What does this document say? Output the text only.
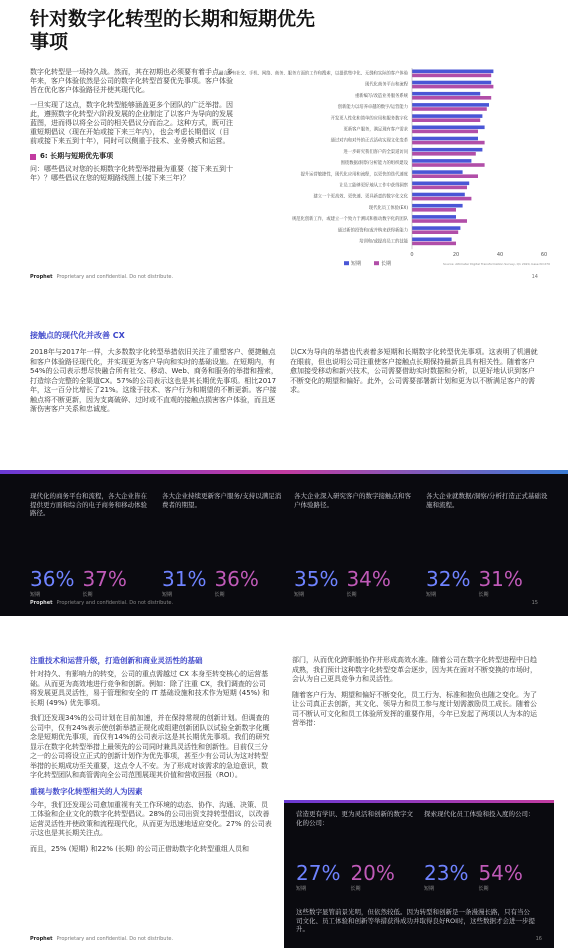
针对数字化转型的长期和短期优先事项

数字化转型是一场持久战。然而，其在初期也必须要有着手点。多年来，客户体验依然是公司的数字化转型首要优先事项。客户体验旨在优化客户体验路径并使其现代化。

一旦实现了这点，数字化转型能够涵盖更多个团队的广泛举措。因此，遵照数字化转型六阶段发展的企业制定了以客户为导向的发展蓝图，进而得以将全公司的相关倡议分而治之。这种方式，既可注重短期倡议（现在开始或接下来三年内），也会考虑长期倡议（目前或接下来五到十年），同时可以侧重于技术、业务模式和运营。

6: 长期与短期优先事项

问：哪些倡议对您的长期数字化转型举措最为重要（接下来五到十年）？哪些倡议在您的短期路线图上(接下来三年)？

融合所有社交、手机、网络、商务、服务方面的工作和搜索，以提供集中化、无缝和实际的客户体验
现代化商务平台和流程
重新编写/改造业务服务系统
创新能力以培养卓越的数字/运营能力
开发更人性化和简单的应用和服务数字化
更新客户服务，满足现有客户需求
通过对内和对外的正式活动实现文化变革
进一步研究我们客户的全渠道访问
围绕数据/洞察/分析能力的组织建设
提升运营敏捷性，现代化应用和流程，以更快的迭代速度
让员工能够更好地从工作中获得洞察
建立一个更高效、更快速、更具新意的数字化文化
现代化员工体验(EX)
规范化创新工作，或建立一个致力于测试和推动数字化的团队
通过新的投资和/或并购来获得新能力
培训和/或提高员工的技能
0	20	40	60
短期	长期	Source: Altimeter Digital Transformation Survey, Q1 2020, base N=270
Prophet Proprietary and confidential. Do not distribute.	14
接触点的现代化并改善 CX
2018年与2017年一样，大多数数字化转型举措依旧关注了重塑客户、便捷触点和客户体验路径现代化，并实现更为客户导向和实时的基础设施。在短期内，有54%的公司表示想尽快融合所有社交、移动、Web、商务和服务的举措和搜索，打造综合完整的全渠道CX。57%的公司表示这也是其长期优先事项。相比2017年，这一百分比增长了21%。这缘于技术、客户行为和期望的不断更新。客户接触点将不断更新，因为支离破碎、过时或不直观的接触点损害客户体验，而且逐渐伤害客户关系和忠诚度。
以CX为导向的举措也代表着多短期和长期数字化转型优先事项。这表明了机遇就在眼前，但也说明公司注重使客户接触点长期保持最新且具有相关性。随着客户愈加接受移动和新兴技术，公司需要借助实时数据和分析，以更好地认识到客户不断变化的期望和偏好。此外，公司需要部署新计划和更为以不断满足客户的需求。
现代化的商务平台和流程，各大企业皆在提供更方面和综合的电子商务和移动体验路径。
36%
短期
37%
长期
各大企业持续更新客户服务/支持以满足消费者的期望。
31%
短期
36%
长期
各大企业深入研究客户的数字接触点和客户体验路径。
35%
短期
34%
长期
各大企业就数据/洞察/分析打造正式基础设施和流程。
32%
短期
31%
长期
Prophet Proprietary and confidential. Do not distribute.	15
注重技术和运营升级，打造创新和商业灵活性的基础

针对持久、有影响力的转变，公司的重点需越过 CX 本身至转变核心的运营基础。从而更为高效地进行竞争和创新。例如：除了注重 CX，我们调查的公司将发展更具灵活性，易于管理和安全的 IT 基础设施和技术作为短期 (45%) 和长期 (49%) 优先事项。

我们还发现34%的公司计划在目前加速，并在保持常规的创新计划。但调查的公司中，仅有24%表示使创新举措正规化或组建创新团队以试验全新数字化概念是短期优先事项，而仅有14%的公司表示这是其长期优先事项。我们的研究显示在数字化转型举措上最领先的公司同时兼具灵活性和创新性。目前仅三分之一的公司将设立正式的创新计划作为优先事项，甚至少有公司认为这对转型举措的长期成功至关重要，这点令人不安。为了形成对该需求的急迫意识，数字化转型团队和高管需向全公司范围展现其价值和营收回报（ROI）。

重视与数字化转型相关的人为因素

今年，我们还发现公司愈加重视有关工作环境的动态、协作、沟通、决策、员工体验和企业文化的数字化转型倡议。28%的公司出资支持转型倡议，以改善运营灵活性并使政策和流程现代化，从而更为迅速地适应变化。27% 的公司表示这也是其长期关注点。

而且，25% (短期) 和22% (长期) 的公司正借助数字化转型重组人员和

部门，从而优化跨职能协作并形成高效水准。随着公司在数字化转型进程中日趋成熟，我们预计这种数字化转型变革会逐步，因为其在面对不断变换的市场时，会认为自己更具竞争力和灵活性。

随着客户行为、期望和偏好不断变化，员工行为、标准和抱负也随之变化。为了让公司真正去创新，其文化、领导力和员工参与度计划需激励员工成长。随着公司不断认可文化和员工体验所发挥的重要作用，今年已发起了两项以人为本的运营举措：

营造更有学识、更为灵活和创新的数字文化的公司：
27%
短期
20%
长期
探索现代化员工体验和投入度的公司：
23%
短期
54%
长期
这些数字显管前景光明，但依然较低。因为转型和创新是一条漫漫长路，只有当公司文化、员工体验和创新等举措获得成功并取得良好ROI时，这些数据才会进一步提升。
16
Prophet Proprietary and confidential. Do not distribute.
